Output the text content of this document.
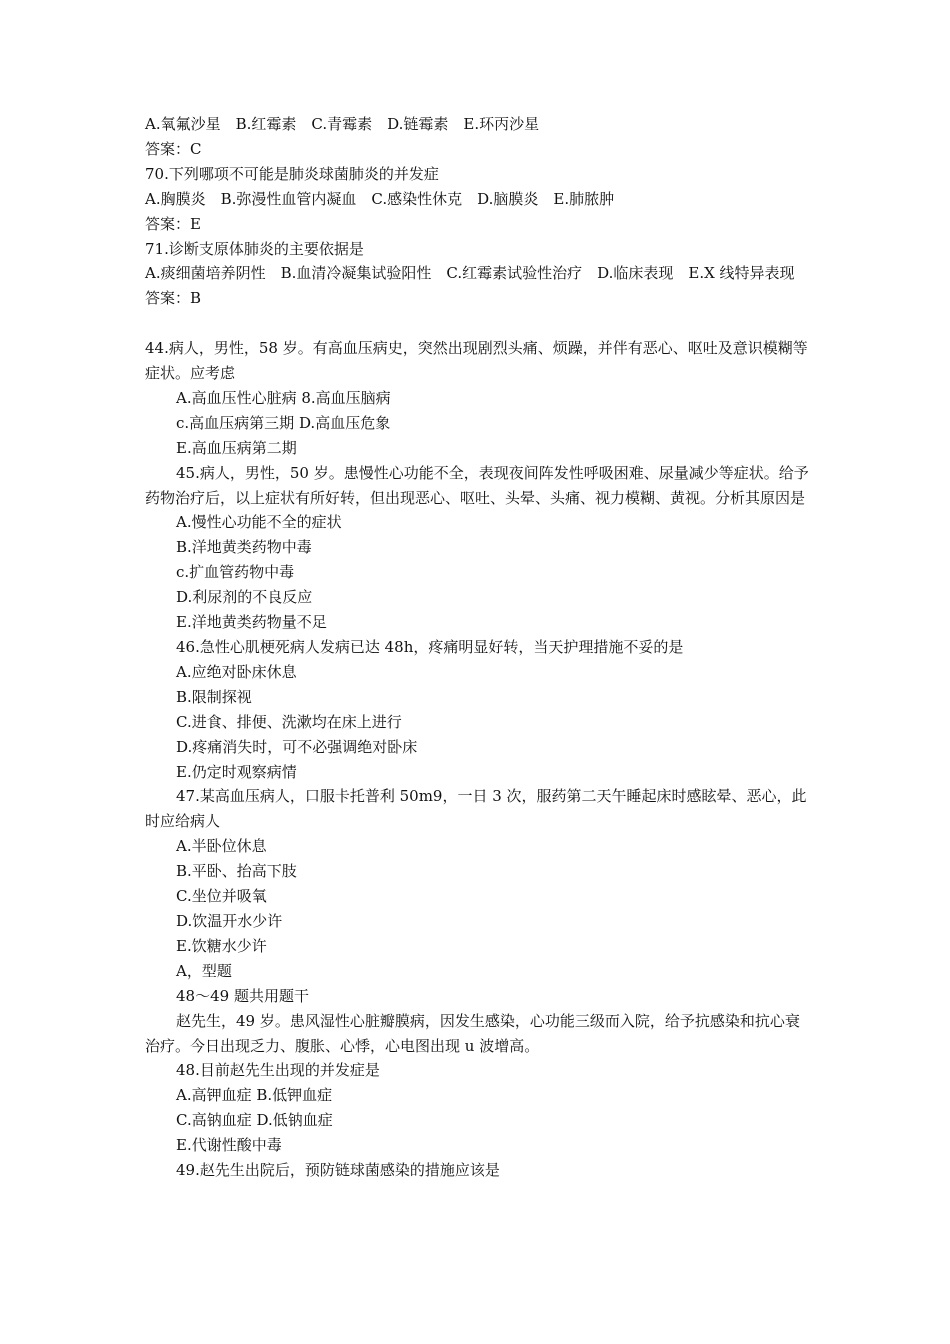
A.氧氟沙星　B.红霉素　C.青霉素　D.链霉素　E.环丙沙星

答案：C

70.下列哪项不可能是肺炎球菌肺炎的并发症

A.胸膜炎　B.弥漫性血管内凝血　C.感染性休克　D.脑膜炎　E.肺脓肿

答案：E

71.诊断支原体肺炎的主要依据是

A.痰细菌培养阴性　B.血清冷凝集试验阳性　C.红霉素试验性治疗　D.临床表现　E.X 线特异表现

答案：B

44.病人，男性，58 岁。有高血压病史，突然出现剧烈头痛、烦躁，并伴有恶心、呕吐及意识模糊等症状。应考虑

A.高血压性心脏病 8.高血压脑病

c.高血压病第三期 D.高血压危象

E.高血压病第二期

45.病人，男性，50 岁。患慢性心功能不全，表现夜间阵发性呼吸困难、尿量减少等症状。给予药物治疗后，以上症状有所好转，但出现恶心、呕吐、头晕、头痛、视力模糊、黄视。分析其原因是

A.慢性心功能不全的症状

B.洋地黄类药物中毒

c.扩血管药物中毒

D.利尿剂的不良反应

E.洋地黄类药物量不足

46.急性心肌梗死病人发病已达 48h，疼痛明显好转，当天护理措施不妥的是

A.应绝对卧床休息

B.限制探视

C.进食、排便、洗漱均在床上进行

D.疼痛消失时，可不必强调绝对卧床

E.仍定时观察病情

47.某高血压病人，口服卡托普利 50m9，一日 3 次，服药第二天午睡起床时感眩晕、恶心，此时应给病人

A.半卧位休息

B.平卧、抬高下肢

C.坐位并吸氧

D.饮温开水少许

E.饮糖水少许

A，型题

48～49 题共用题干

赵先生，49 岁。患风湿性心脏瓣膜病，因发生感染，心功能三级而入院，给予抗感染和抗心衰治疗。今日出现乏力、腹胀、心悸，心电图出现 u 波增高。

48.目前赵先生出现的并发症是

A.高钾血症 B.低钾血症

C.高钠血症 D.低钠血症

E.代谢性酸中毒

49.赵先生出院后，预防链球菌感染的措施应该是
